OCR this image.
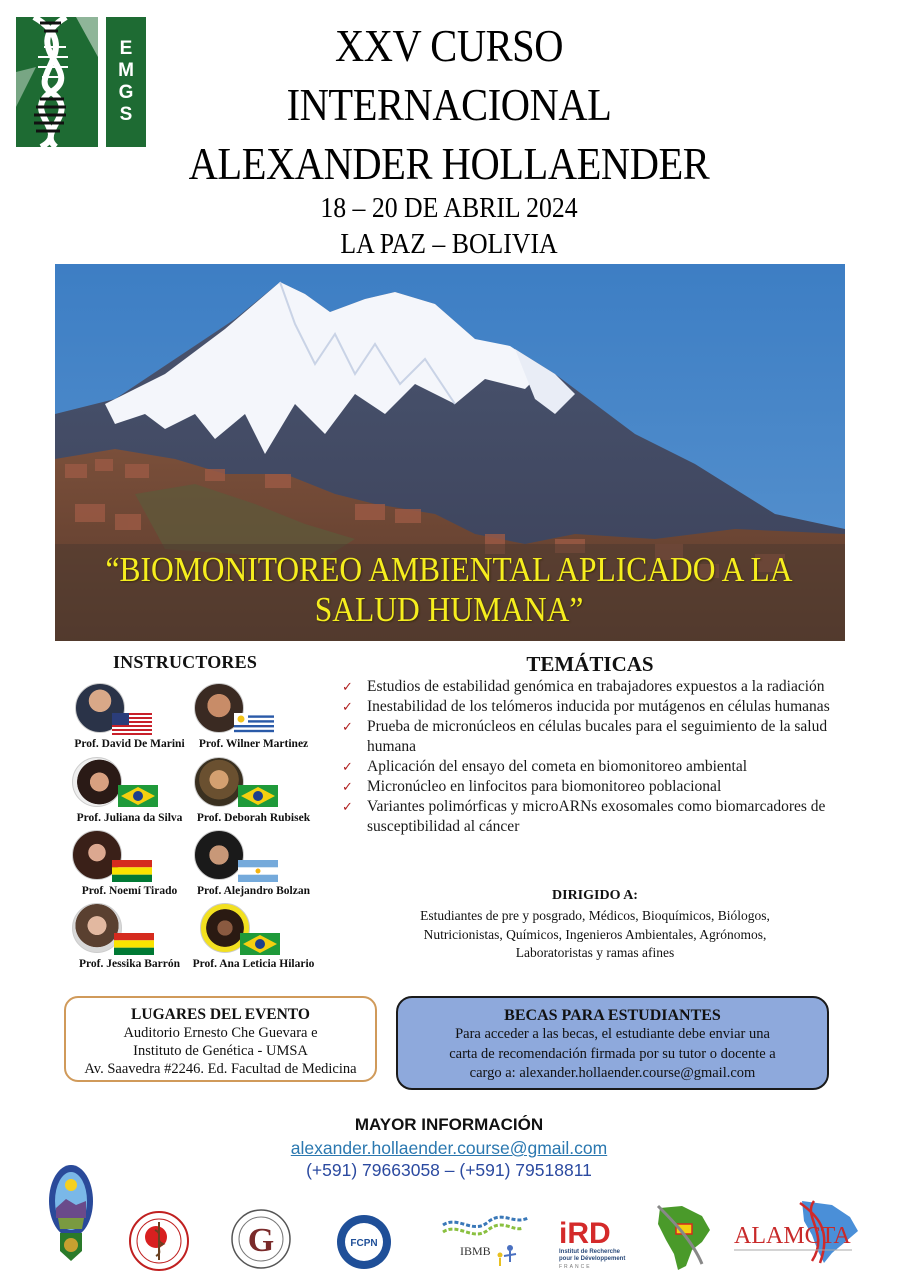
E
M
G
S
XXV CURSO
INTERNACIONAL
ALEXANDER HOLLAENDER
18 – 20 DE ABRIL 2024
LA PAZ – BOLIVIA
“BIOMONITOREO AMBIENTAL APLICADO A LA
SALUD HUMANA”
INSTRUCTORES
Prof. David De Marini	Prof. Wilner Martinez
Prof. Juliana da Silva	Prof. Deborah Rubisek
Prof. Noemí Tirado	Prof. Alejandro Bolzan
Prof. Jessika Barrón	Prof. Ana Leticia Hilario
TEMÁTICAS
✓ Estudios de estabilidad genómica en trabajadores expuestos a la radiación
✓ Inestabilidad de los telómeros inducida por mutágenos en células humanas
✓ Prueba de micronúcleos en células bucales para el seguimiento de la salud humana
✓ Aplicación del ensayo del cometa en biomonitoreo ambiental
✓ Micronúcleo en linfocitos para biomonitoreo poblacional
✓ Variantes polimórficas y microARNs exosomales como biomarcadores de susceptibilidad al cáncer
DIRIGIDO A:
Estudiantes de pre y posgrado, Médicos, Bioquímicos, Biólogos,
Nutricionistas, Químicos, Ingenieros Ambientales, Agrónomos,
Laboratoristas y ramas afines
LUGARES DEL EVENTO
Auditorio Ernesto Che Guevara e
Instituto de Genética - UMSA
Av. Saavedra #2246. Ed. Facultad de Medicina
BECAS PARA ESTUDIANTES
Para acceder a las becas, el estudiante debe enviar una
carta de recomendación firmada por su tutor o docente a
cargo a: alexander.hollaender.course@gmail.com
MAYOR INFORMACIÓN
alexander.hollaender.course@gmail.com
(+591) 79663058 – (+591) 79518811
G	FCPN
IBMB
iRD
Institut de Recherche
pour le Développement
FRANCE
ALAMCTA
